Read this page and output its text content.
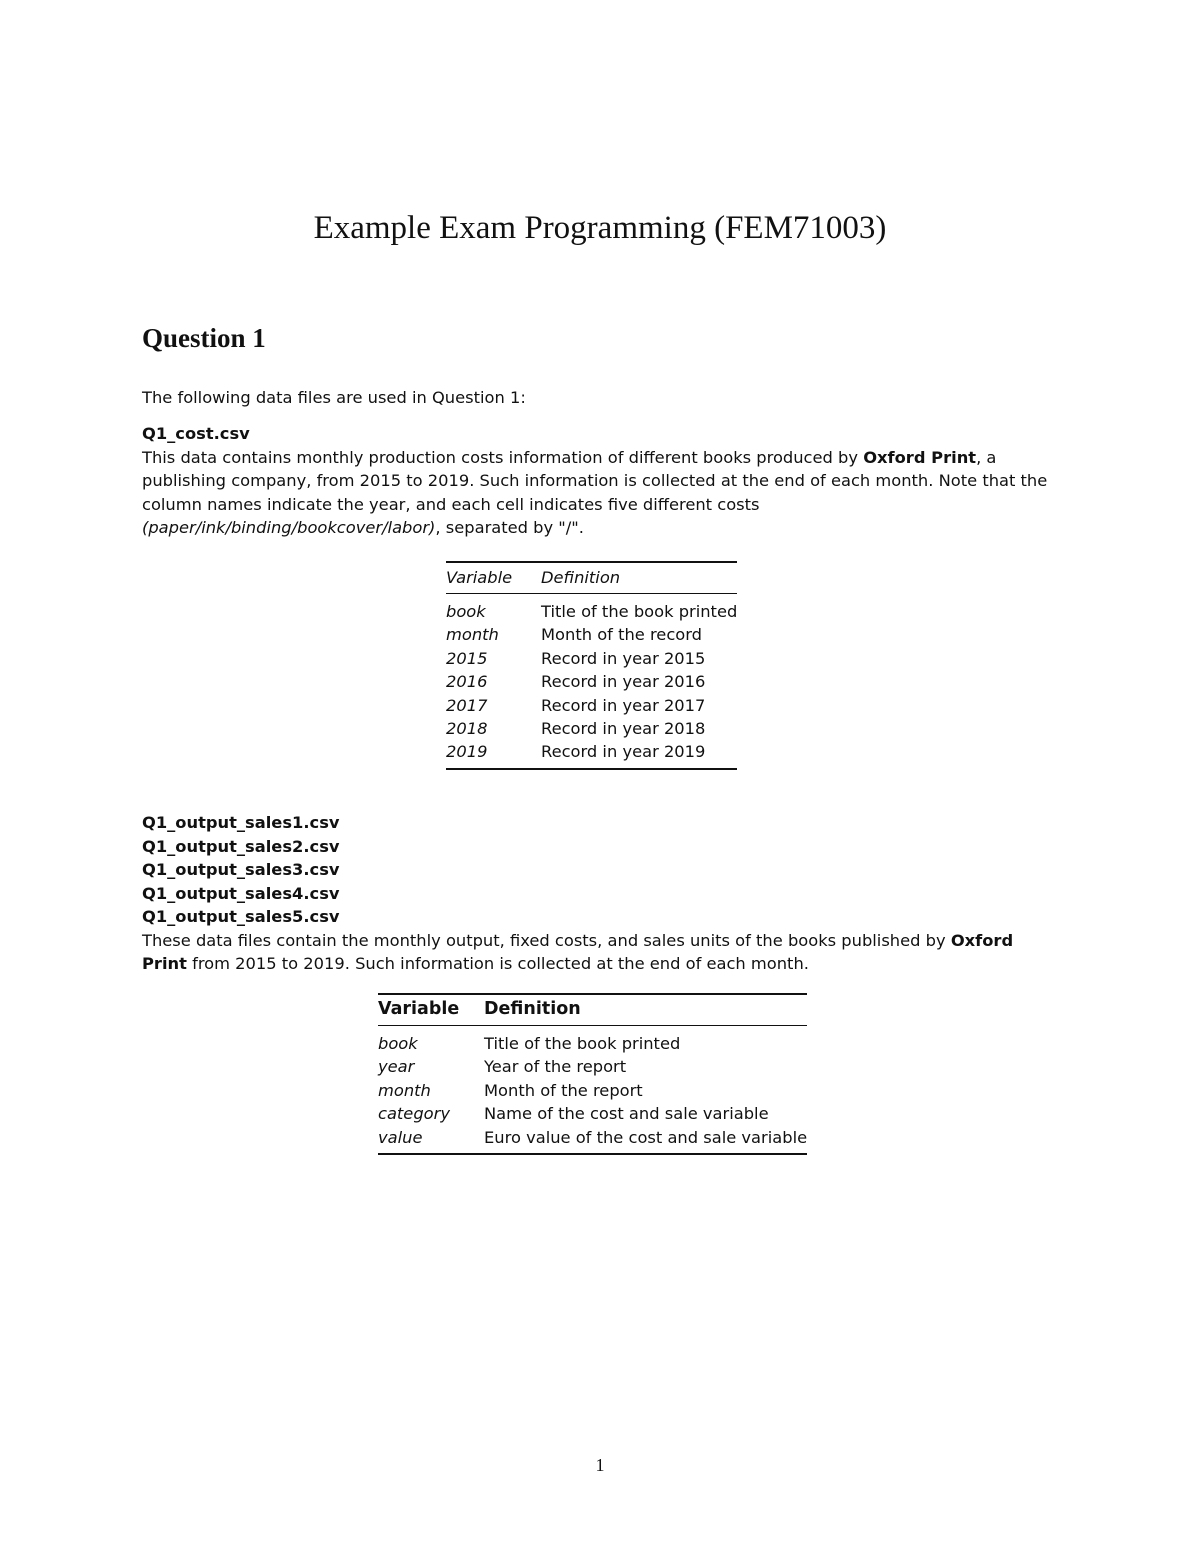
Example Exam Programming (FEM71003)
Question 1
The following data files are used in Question 1:
Q1_cost.csv
This data contains monthly production costs information of different books produced by Oxford Print, a publishing company, from 2015 to 2019. Such information is collected at the end of each month. Note that the column names indicate the year, and each cell indicates five different costs (paper/ink/binding/bookcover/labor), separated by "/".
Variable	Definition
book	Title of the book printed
month	Month of the record
2015	Record in year 2015
2016	Record in year 2016
2017	Record in year 2017
2018	Record in year 2018
2019	Record in year 2019
Q1_output_sales1.csv
Q1_output_sales2.csv
Q1_output_sales3.csv
Q1_output_sales4.csv
Q1_output_sales5.csv
These data files contain the monthly output, fixed costs, and sales units of the books published by Oxford Print from 2015 to 2019. Such information is collected at the end of each month.
Variable	Definition
book	Title of the book printed
year	Year of the report
month	Month of the report
category	Name of the cost and sale variable
value	Euro value of the cost and sale variable
1
